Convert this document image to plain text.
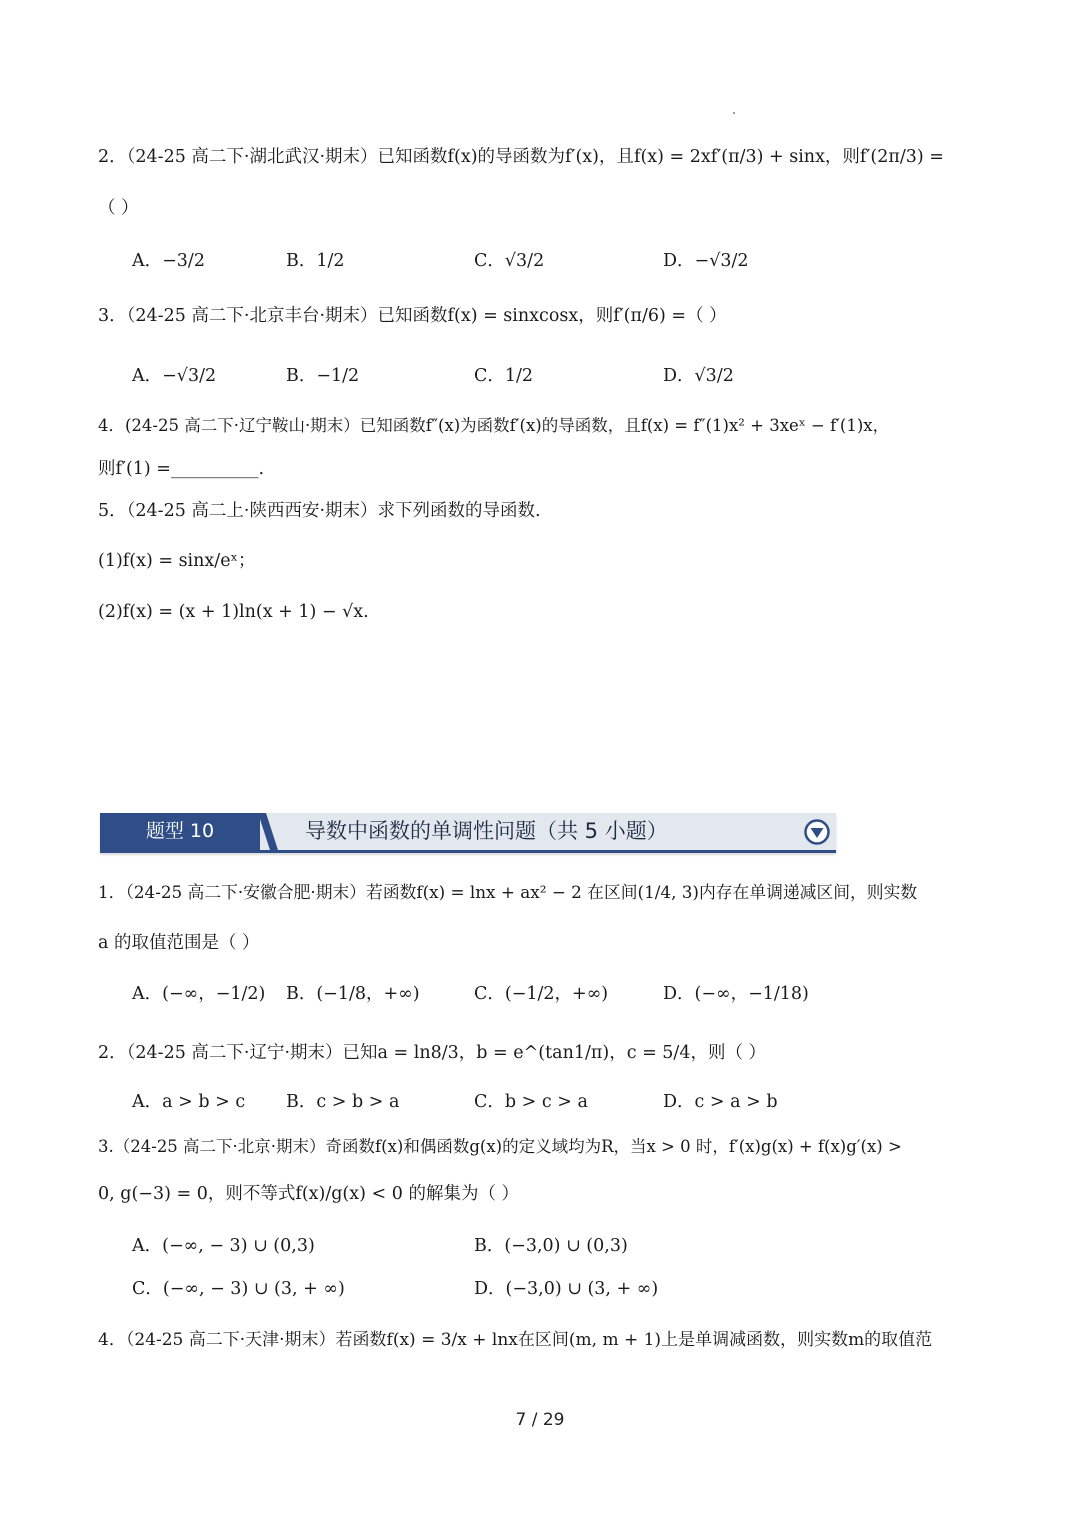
2．（24-25 高二下·湖北武汉·期末）已知函数f(x)的导函数为f′(x)，且f(x) = 2xf′(π/3) + sinx，则f′(2π/3) =
（ ）
A．−3/2	B．1/2	C．√3/2	D．−√3/2
3．（24-25 高二下·北京丰台·期末）已知函数f(x) = sinxcosx，则f′(π/6) =（ ）
A．−√3/2	B．−1/2	C．1/2	D．√3/2
4．(24-25 高二下·辽宁鞍山·期末）已知函数f″(x)为函数f′(x)的导函数，且f(x) = f″(1)x² + 3xeˣ − f′(1)x，
则f′(1) =__________.
5．（24-25 高二上·陕西西安·期末）求下列函数的导函数.
(1)f(x) = sinx/eˣ；
(2)f(x) = (x + 1)ln(x + 1) − √x.
题型 10	导数中函数的单调性问题（共 5 小题）
1．（24-25 高二下·安徽合肥·期末）若函数f(x) = lnx + ax² − 2 在区间(1/4, 3)内存在单调递减区间，则实数
a 的取值范围是（ ）
A．(−∞，−1/2) B．(−1/8，+∞)	C．(−1/2，+∞)	D．(−∞，−1/18)
2．（24-25 高二下·辽宁·期末）已知a = ln8/3，b = e^(tan1/π)，c = 5/4，则（ ）
A．a > b > c B．c > b > a	C．b > c > a	D．c > a > b
3.（24-25 高二下·北京·期末）奇函数f(x)和偶函数g(x)的定义域均为R，当x > 0 时，f′(x)g(x) + f(x)g′(x) >
0, g(−3) = 0，则不等式f(x)/g(x) < 0 的解集为（ ）
A．(−∞, − 3) ∪ (0,3)	B．(−3,0) ∪ (0,3)
C．(−∞, − 3) ∪ (3, + ∞)	D．(−3,0) ∪ (3, + ∞)
4．（24-25 高二下·天津·期末）若函数f(x) = 3/x + lnx在区间(m, m + 1)上是单调减函数，则实数m的取值范
7 / 29
